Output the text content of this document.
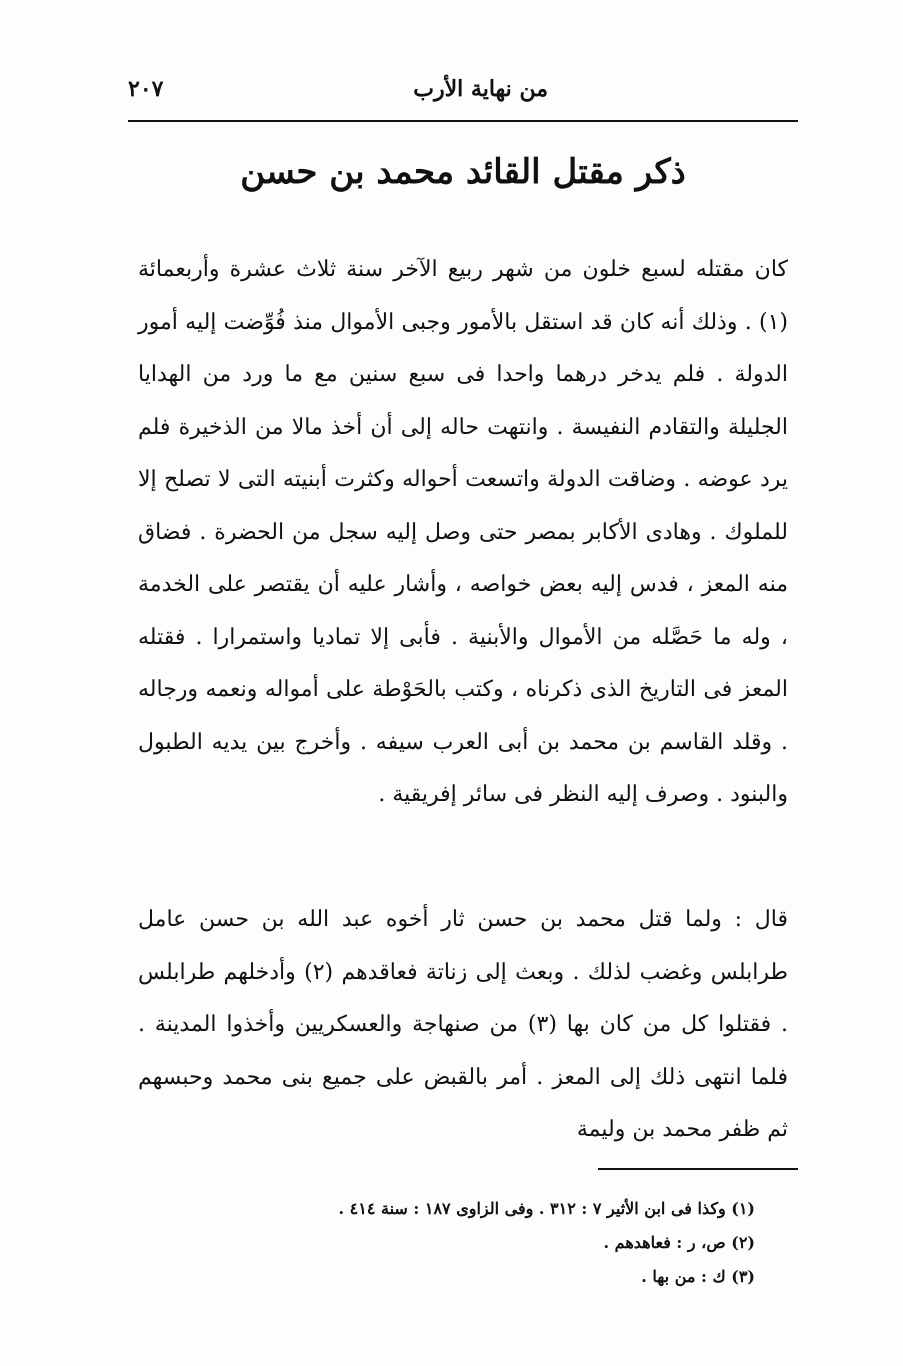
من نهاية الأرب
٢٠٧
ذكر مقتل القائد محمد بن حسن
كان مقتله لسبع خلون من شهر ربيع الآخر سنة ثلاث عشرة وأربعمائة (١) . وذلك أنه كان قد استقل بالأمور وجبى الأموال منذ فُوِّضت إليه أمور الدولة . فلم يدخر درهما واحدا فى سبع سنين مع ما ورد من الهدايا الجليلة والتقادم النفيسة . وانتهت حاله إلى أن أخذ مالا من الذخيرة فلم يرد عوضه . وضاقت الدولة واتسعت أحواله وكثرت أبنيته التى لا تصلح إلا للملوك . وهادى الأكابر بمصر حتى وصل إليه سجل من الحضرة . فضاق منه المعز ، فدس إليه بعض خواصه ، وأشار عليه أن يقتصر على الخدمة ، وله ما حَصَّله من الأموال والأبنية . فأبى إلا تماديا واستمرارا . فقتله المعز فى التاريخ الذى ذكرناه ، وكتب بالحَوْطة على أمواله ونعمه ورجاله . وقلد القاسم بن محمد بن أبى العرب سيفه . وأخرج بين يديه الطبول والبنود . وصرف إليه النظر فى سائر إفريقية .
قال : ولما قتل محمد بن حسن ثار أخوه عبد الله بن حسن عامل طرابلس وغضب لذلك . وبعث إلى زناتة فعاقدهم (٢) وأدخلهم طرابلس . فقتلوا كل من كان بها (٣) من صنهاجة والعسكريين وأخذوا المدينة . فلما انتهى ذلك إلى المعز . أمر بالقبض على جميع بنى محمد وحبسهم ثم ظفر محمد بن وليمة
(١) وكذا فى ابن الأثير ٧ : ٣١٢ . وفى الزاوى ١٨٧ : سنة ٤١٤ .
(٢) ص، ر : فعاهدهم .
(٣) ك : من بها .
